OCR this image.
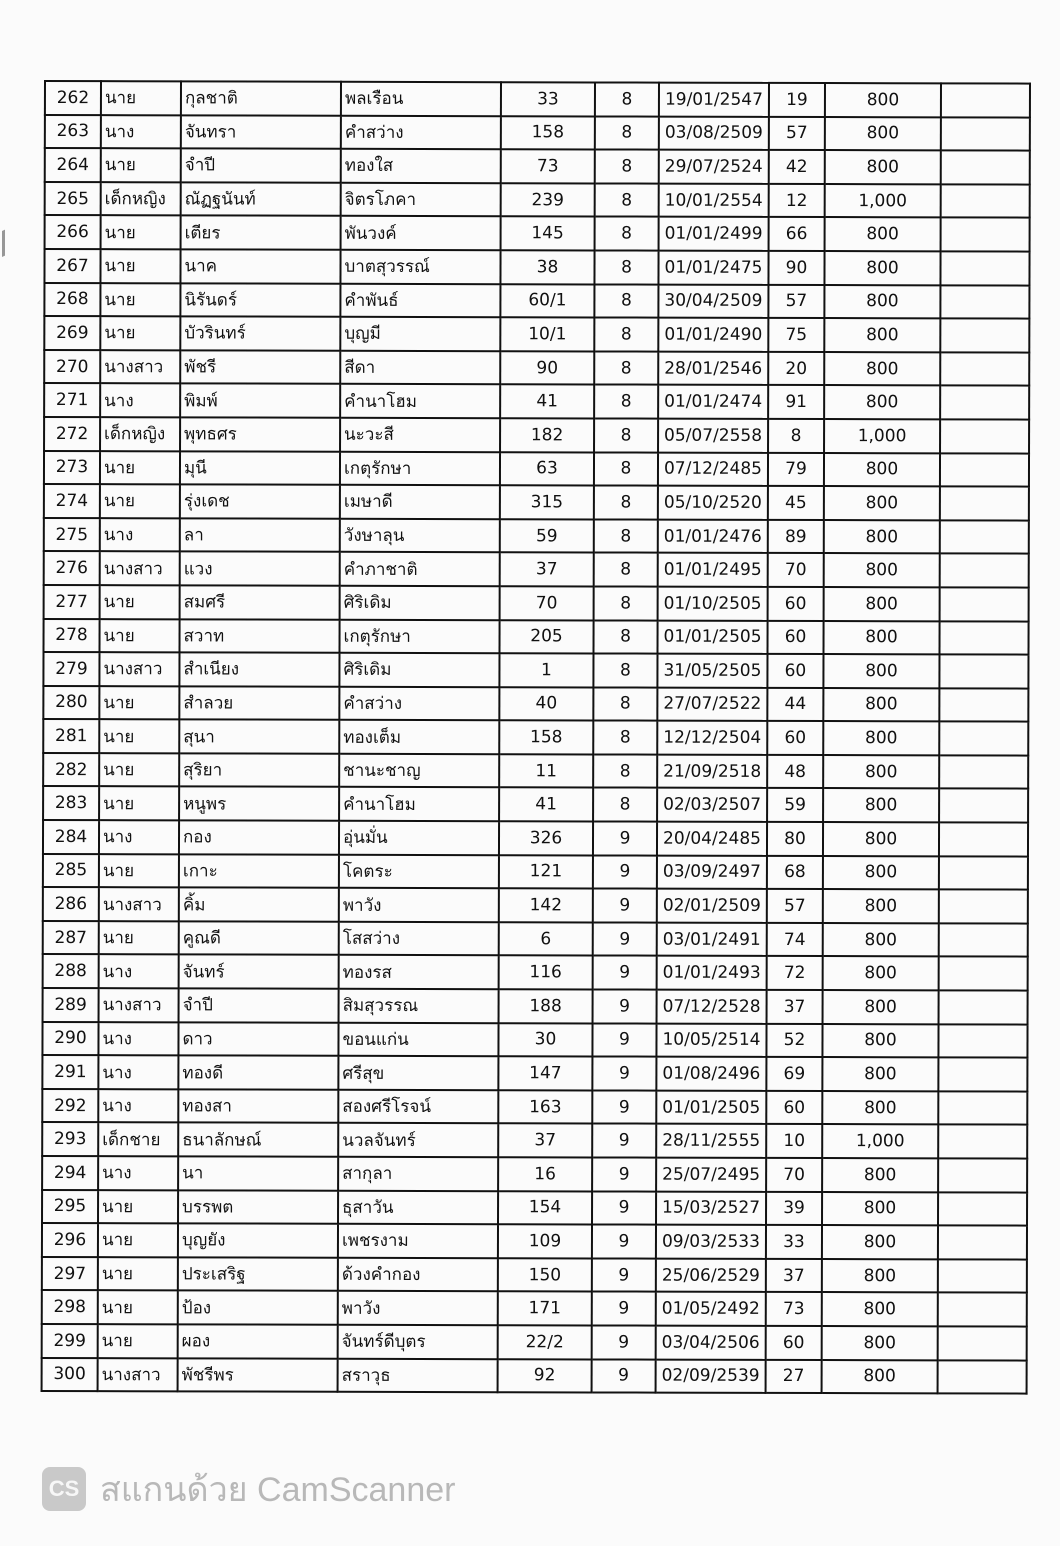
262	นาย	กุลชาติ	พลเรือน	33	8	19/01/2547	19	800	
263	นาง	จันทรา	คำสว่าง	158	8	03/08/2509	57	800	
264	นาย	จำปี	ทองใส	73	8	29/07/2524	42	800	
265	เด็กหญิง	ณัฏฐนันท์	จิตรโภคา	239	8	10/01/2554	12	1,000	
266	นาย	เตียร	พันวงค์	145	8	01/01/2499	66	800	
267	นาย	นาค	บาตสุวรรณ์	38	8	01/01/2475	90	800	
268	นาย	นิรันดร์	คำพันธ์	60/1	8	30/04/2509	57	800	
269	นาย	บัวรินทร์	บุญมี	10/1	8	01/01/2490	75	800	
270	นางสาว	พัชรี	สีดา	90	8	28/01/2546	20	800	
271	นาง	พิมพ์	คำนาโฮม	41	8	01/01/2474	91	800	
272	เด็กหญิง	พุทธศร	นะวะสี	182	8	05/07/2558	8	1,000	
273	นาย	มุนี	เกตุรักษา	63	8	07/12/2485	79	800	
274	นาย	รุ่งเดช	เมษาดี	315	8	05/10/2520	45	800	
275	นาง	ลา	วังษาลุน	59	8	01/01/2476	89	800	
276	นางสาว	แวง	คำภาชาติ	37	8	01/01/2495	70	800	
277	นาย	สมศรี	ศิริเดิม	70	8	01/10/2505	60	800	
278	นาย	สวาท	เกตุรักษา	205	8	01/01/2505	60	800	
279	นางสาว	สำเนียง	ศิริเดิม	1	8	31/05/2505	60	800	
280	นาย	สำลวย	คำสว่าง	40	8	27/07/2522	44	800	
281	นาย	สุนา	ทองเต็ม	158	8	12/12/2504	60	800	
282	นาย	สุริยา	ชานะชาญ	11	8	21/09/2518	48	800	
283	นาย	หนูพร	คำนาโฮม	41	8	02/03/2507	59	800	
284	นาง	กอง	อุ่นมั่น	326	9	20/04/2485	80	800	
285	นาย	เกาะ	โคตระ	121	9	03/09/2497	68	800	
286	นางสาว	คิ้ม	พาวัง	142	9	02/01/2509	57	800	
287	นาย	คูณดี	โสสว่าง	6	9	03/01/2491	74	800	
288	นาง	จันทร์	ทองรส	116	9	01/01/2493	72	800	
289	นางสาว	จำปี	สิมสุวรรณ	188	9	07/12/2528	37	800	
290	นาง	ดาว	ขอนแก่น	30	9	10/05/2514	52	800	
291	นาง	ทองดี	ศรีสุข	147	9	01/08/2496	69	800	
292	นาง	ทองสา	สองศรีโรจน์	163	9	01/01/2505	60	800	
293	เด็กชาย	ธนาลักษณ์	นวลจันทร์	37	9	28/11/2555	10	1,000	
294	นาง	นา	สากุลา	16	9	25/07/2495	70	800	
295	นาย	บรรพต	ธุสาวัน	154	9	15/03/2527	39	800	
296	นาย	บุญยัง	เพชรงาม	109	9	09/03/2533	33	800	
297	นาย	ประเสริฐ	ด้วงคำกอง	150	9	25/06/2529	37	800	
298	นาย	ป้อง	พาวัง	171	9	01/05/2492	73	800	
299	นาย	ผอง	จันทร์ดีบุตร	22/2	9	03/04/2506	60	800	
300	นางสาว	พัชรีพร	สราวุธ	92	9	02/09/2539	27	800	
CS สแกนด้วย CamScanner
